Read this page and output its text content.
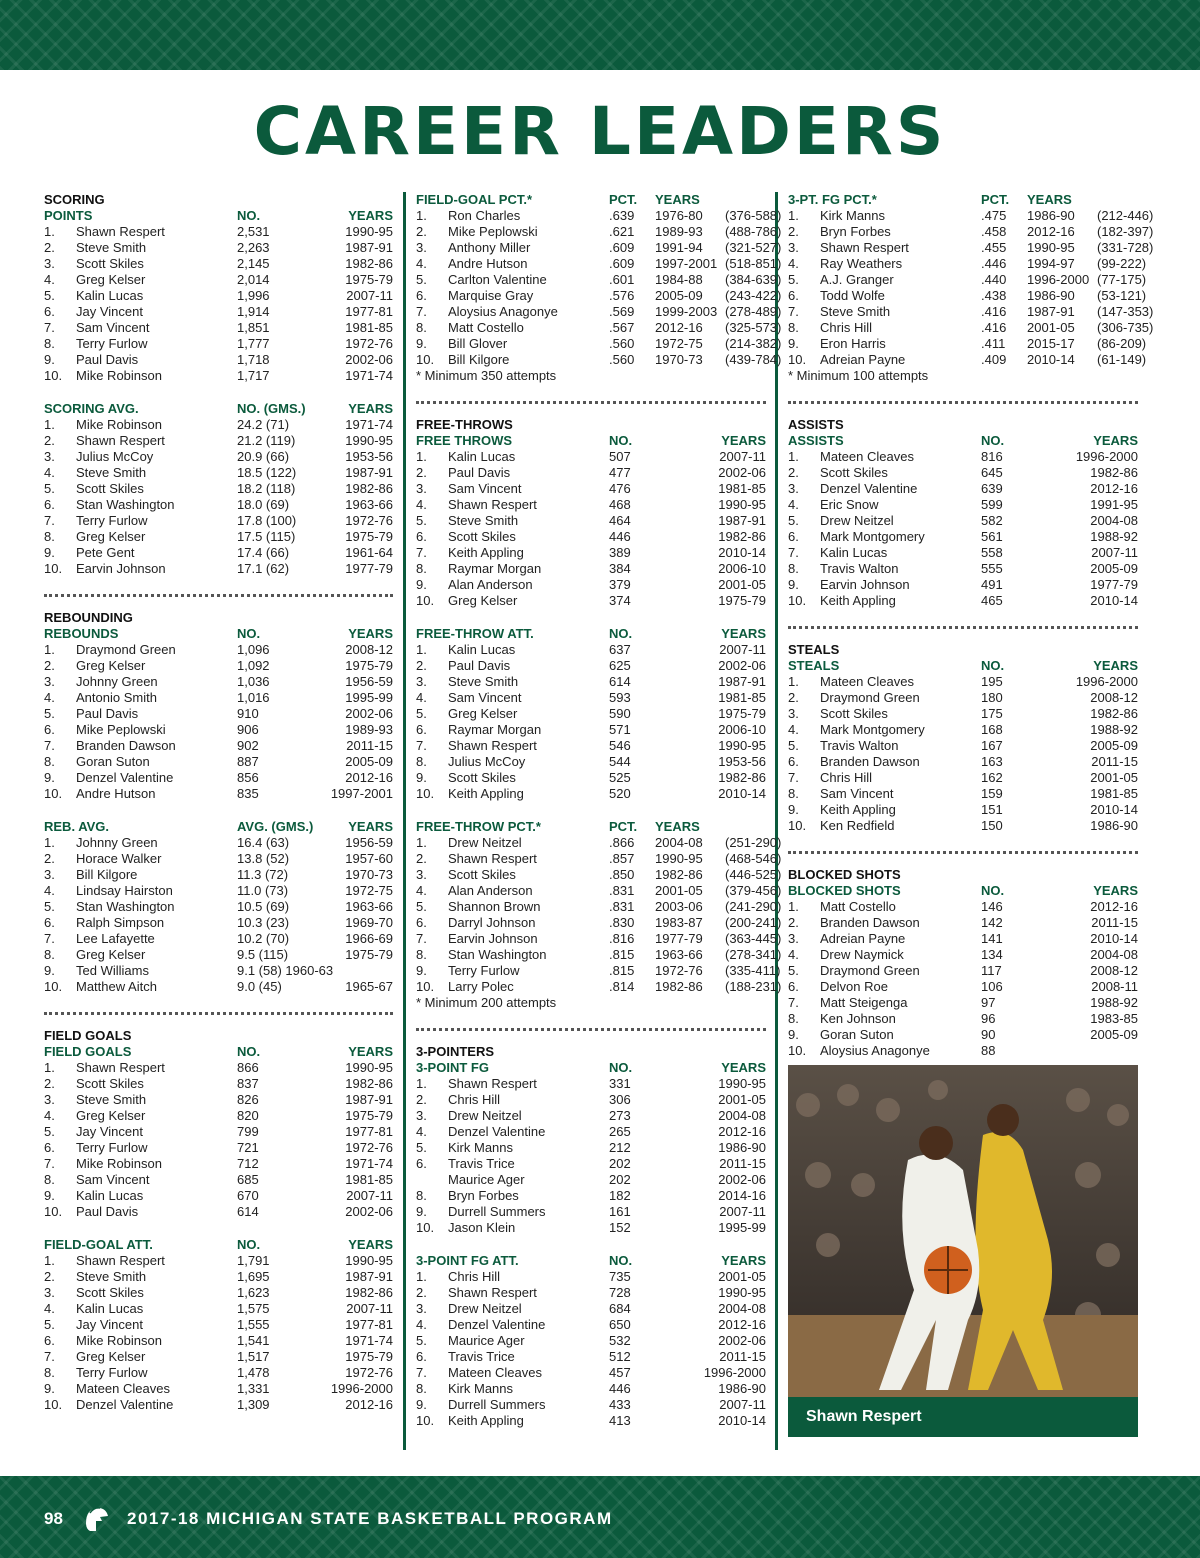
CAREER LEADERS
SCORING
POINTS	NO.	YEARS
1.	Shawn Respert	2,531	1990-95
2.	Steve Smith	2,263	1987-91
3.	Scott Skiles	2,145	1982-86
4.	Greg Kelser	2,014	1975-79
5.	Kalin Lucas	1,996	2007-11
6.	Jay Vincent	1,914	1977-81
7.	Sam Vincent	1,851	1981-85
8.	Terry Furlow	1,777	1972-76
9.	Paul Davis	1,718	2002-06
10.	Mike Robinson	1,717	1971-74
SCORING AVG.	NO. (GMS.)	YEARS
1.	Mike Robinson	24.2 (71)	1971-74
2.	Shawn Respert	21.2 (119)	1990-95
3.	Julius McCoy	20.9 (66)	1953-56
4.	Steve Smith	18.5 (122)	1987-91
5.	Scott Skiles	18.2 (118)	1982-86
6.	Stan Washington	18.0 (69)	1963-66
7.	Terry Furlow	17.8 (100)	1972-76
8.	Greg Kelser	17.5 (115)	1975-79
9.	Pete Gent	17.4 (66)	1961-64
10.	Earvin Johnson	17.1 (62)	1977-79
REBOUNDING
REBOUNDS	NO.	YEARS
1.	Draymond Green	1,096	2008-12
2.	Greg Kelser	1,092	1975-79
3.	Johnny Green	1,036	1956-59
4.	Antonio Smith	1,016	1995-99
5.	Paul Davis	910	2002-06
6.	Mike Peplowski	906	1989-93
7.	Branden Dawson	902	2011-15
8.	Goran Suton	887	2005-09
9.	Denzel Valentine	856	2012-16
10.	Andre Hutson	835	1997-2001
REB. AVG.	AVG. (GMS.)	YEARS
1.	Johnny Green	16.4 (63)	1956-59
2.	Horace Walker	13.8 (52)	1957-60
3.	Bill Kilgore	11.3 (72)	1970-73
4.	Lindsay Hairston	11.0 (73)	1972-75
5.	Stan Washington	10.5 (69)	1963-66
6.	Ralph Simpson	10.3 (23)	1969-70
7.	Lee Lafayette	10.2 (70)	1966-69
8.	Greg Kelser	9.5 (115)	1975-79
9.	Ted Williams	9.1 (58) 1960-63
10.	Matthew Aitch	9.0 (45)	1965-67
FIELD GOALS
FIELD GOALS	NO.	YEARS
1.	Shawn Respert	866	1990-95
2.	Scott Skiles	837	1982-86
3.	Steve Smith	826	1987-91
4.	Greg Kelser	820	1975-79
5.	Jay Vincent	799	1977-81
6.	Terry Furlow	721	1972-76
7.	Mike Robinson	712	1971-74
8.	Sam Vincent	685	1981-85
9.	Kalin Lucas	670	2007-11
10.	Paul Davis	614	2002-06
FIELD-GOAL ATT.	NO.	YEARS
1.	Shawn Respert	1,791	1990-95
2.	Steve Smith	1,695	1987-91
3.	Scott Skiles	1,623	1982-86
4.	Kalin Lucas	1,575	2007-11
5.	Jay Vincent	1,555	1977-81
6.	Mike Robinson	1,541	1971-74
7.	Greg Kelser	1,517	1975-79
8.	Terry Furlow	1,478	1972-76
9.	Mateen Cleaves	1,331	1996-2000
10.	Denzel Valentine	1,309	2012-16
FIELD-GOAL PCT.*	PCT.	YEARS
1.	Ron Charles	.639	1976-80	(376-588)
2.	Mike Peplowski	.621	1989-93	(488-786)
3.	Anthony Miller	.609	1991-94	(321-527)
4.	Andre Hutson	.609	1997-2001 (518-851)
5.	Carlton Valentine	.601	1984-88	(384-639)
6.	Marquise Gray	.576	2005-09	(243-422)
7.	Aloysius Anagonye	.569	1999-2003 (278-489)
8.	Matt Costello	.567	2012-16	(325-573)
9.	Bill Glover	.560	1972-75	(214-382)
10.	Bill Kilgore	.560	1970-73	(439-784)
* Minimum 350 attempts
FREE-THROWS
FREE THROWS	NO.	YEARS
1.	Kalin Lucas	507	2007-11
2.	Paul Davis	477	2002-06
3.	Sam Vincent	476	1981-85
4.	Shawn Respert	468	1990-95
5.	Steve Smith	464	1987-91
6.	Scott Skiles	446	1982-86
7.	Keith Appling	389	2010-14
8.	Raymar Morgan	384	2006-10
9.	Alan Anderson	379	2001-05
10.	Greg Kelser	374	1975-79
FREE-THROW ATT.	NO.	YEARS
1.	Kalin Lucas	637	2007-11
2.	Paul Davis	625	2002-06
3.	Steve Smith	614	1987-91
4.	Sam Vincent	593	1981-85
5.	Greg Kelser	590	1975-79
6.	Raymar Morgan	571	2006-10
7.	Shawn Respert	546	1990-95
8.	Julius McCoy	544	1953-56
9.	Scott Skiles	525	1982-86
10.	Keith Appling	520	2010-14
FREE-THROW PCT.*	PCT.	YEARS
1.	Drew Neitzel	.866	2004-08	(251-290)
2.	Shawn Respert	.857	1990-95	(468-546)
3.	Scott Skiles	.850	1982-86	(446-525)
4.	Alan Anderson	.831	2001-05	(379-456)
5.	Shannon Brown	.831	2003-06	(241-290)
6.	Darryl Johnson	.830	1983-87	(200-241)
7.	Earvin Johnson	.816	1977-79	(363-445)
8.	Stan Washington	.815	1963-66	(278-341)
9.	Terry Furlow	.815	1972-76	(335-411)
10.	Larry Polec	.814	1982-86	(188-231)
* Minimum 200 attempts
3-POINTERS
3-POINT FG	NO.	YEARS
1.	Shawn Respert	331	1990-95
2.	Chris Hill	306	2001-05
3.	Drew Neitzel	273	2004-08
4.	Denzel Valentine	265	2012-16
5.	Kirk Manns	212	1986-90
6.	Travis Trice	202	2011-15
Maurice Ager	202	2002-06
8.	Bryn Forbes	182	2014-16
9.	Durrell Summers	161	2007-11
10.	Jason Klein	152	1995-99
3-POINT FG ATT.	NO.	YEARS
1.	Chris Hill	735	2001-05
2.	Shawn Respert	728	1990-95
3.	Drew Neitzel	684	2004-08
4.	Denzel Valentine	650	2012-16
5.	Maurice Ager	532	2002-06
6.	Travis Trice	512	2011-15
7.	Mateen Cleaves	457	1996-2000
8.	Kirk Manns	446	1986-90
9.	Durrell Summers	433	2007-11
10.	Keith Appling	413	2010-14
3-PT. FG PCT.*	PCT.	YEARS
1.	Kirk Manns	.475	1986-90	(212-446)
2.	Bryn Forbes	.458	2012-16	(182-397)
3.	Shawn Respert	.455	1990-95	(331-728)
4.	Ray Weathers	.446	1994-97	(99-222)
5.	A.J. Granger	.440	1996-2000 (77-175)
6.	Todd Wolfe	.438	1986-90	(53-121)
7.	Steve Smith	.416	1987-91	(147-353)
8.	Chris Hill	.416	2001-05	(306-735)
9.	Eron Harris	.411	2015-17	(86-209)
10.	Adreian Payne	.409	2010-14	(61-149)
* Minimum 100 attempts
ASSISTS
ASSISTS	NO.	YEARS
1.	Mateen Cleaves	816	1996-2000
2.	Scott Skiles	645	1982-86
3.	Denzel Valentine	639	2012-16
4.	Eric Snow	599	1991-95
5.	Drew Neitzel	582	2004-08
6.	Mark Montgomery	561	1988-92
7.	Kalin Lucas	558	2007-11
8.	Travis Walton	555	2005-09
9.	Earvin Johnson	491	1977-79
10.	Keith Appling	465	2010-14
STEALS
STEALS	NO.	YEARS
1.	Mateen Cleaves	195	1996-2000
2.	Draymond Green	180	2008-12
3.	Scott Skiles	175	1982-86
4.	Mark Montgomery	168	1988-92
5.	Travis Walton	167	2005-09
6.	Branden Dawson	163	2011-15
7.	Chris Hill	162	2001-05
8.	Sam Vincent	159	1981-85
9.	Keith Appling	151	2010-14
10.	Ken Redfield	150	1986-90
BLOCKED SHOTS
BLOCKED SHOTS	NO.	YEARS
1.	Matt Costello	146	2012-16
2.	Branden Dawson	142	2011-15
3.	Adreian Payne	141	2010-14
4.	Drew Naymick	134	2004-08
5.	Draymond Green	117	2008-12
6.	Delvon Roe	106	2008-11
7.	Matt Steigenga	97	1988-92
8.	Ken Johnson	96	1983-85
9.	Goran Suton	90	2005-09
10.	Aloysius Anagonye	88
Shawn Respert
98	2017-18 MICHIGAN STATE BASKETBALL PROGRAM
